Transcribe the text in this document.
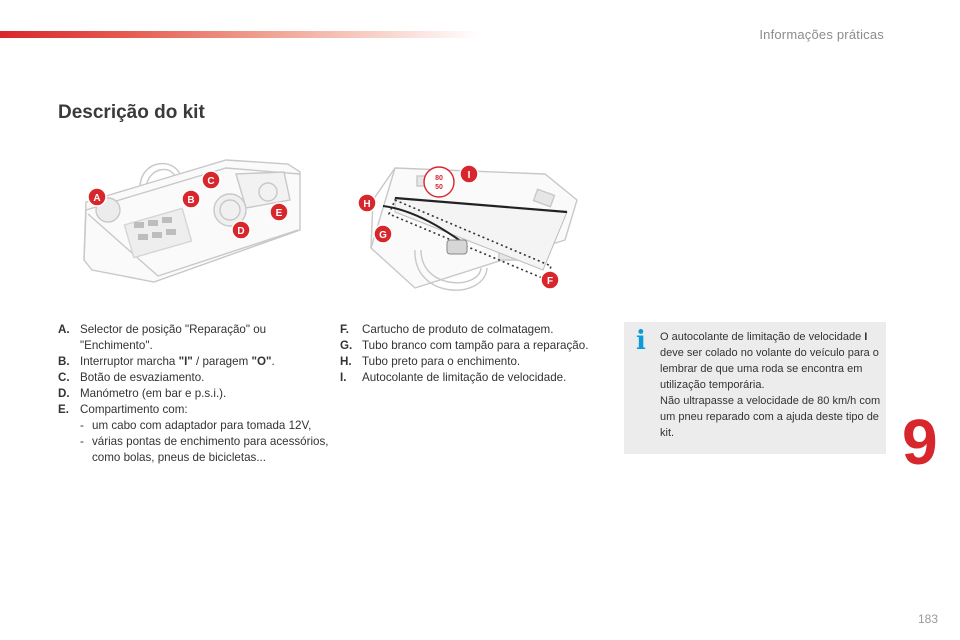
Informações práticas
Descrição do kit
A	B
C
D
E
80
50
H
G
I
F
A. Selector de posição "Reparação" ou "Enchimento".
B. Interruptor marcha "I" / paragem "O".
C. Botão de esvaziamento.
D. Manómetro (em bar e p.s.i.).
E. Compartimento com:
- um cabo com adaptador para tomada 12V,
- várias pontas de enchimento para acessórios, como bolas, pneus de bicicletas...
F.	Cartucho de produto de colmatagem.
G. Tubo branco com tampão para a reparação.
H. Tubo preto para o enchimento.
I.	Autocolante de limitação de velocidade.
i	O autocolante de limitação de velocidade I deve ser colado no volante do veículo para o lembrar de que uma roda se encontra em utilização temporária.
Não ultrapasse a velocidade de 80 km/h com um pneu reparado com a ajuda deste tipo de kit.	9
183
